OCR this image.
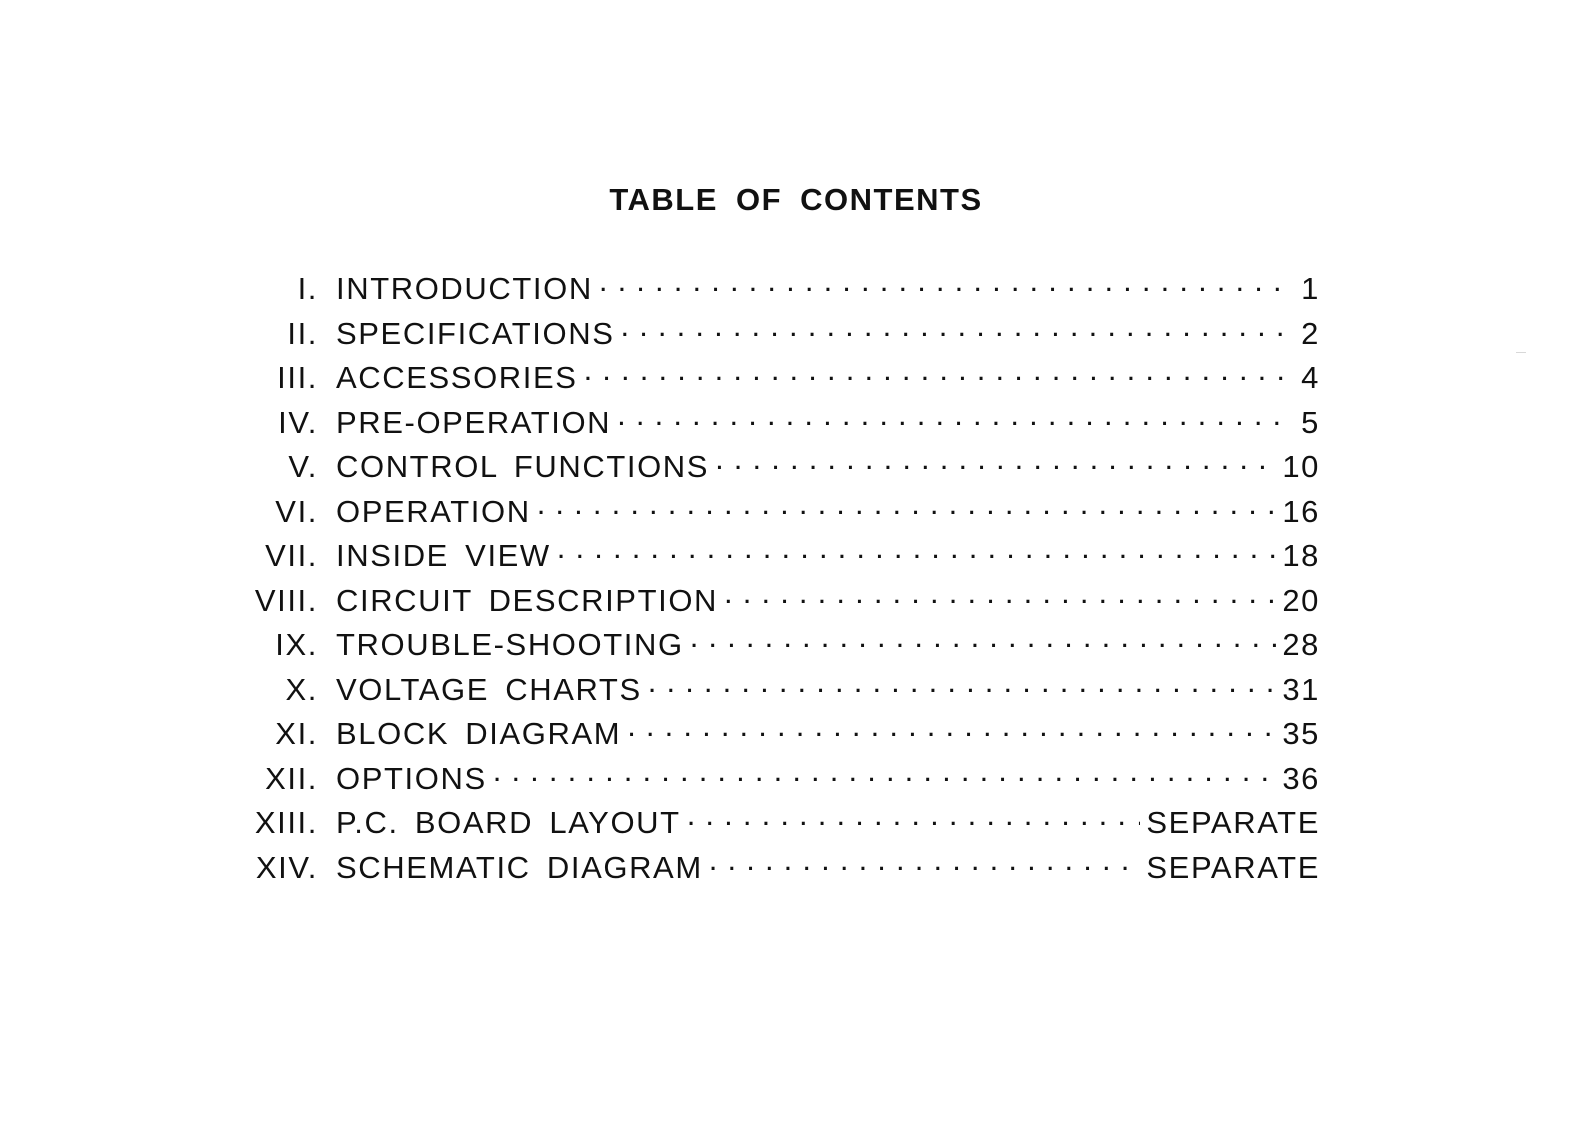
TABLE OF CONTENTS
I. INTRODUCTION . . .	1
II. SPECIFICATIONS . . .	2
III. ACCESSORIES . . .	4
IV. PRE-OPERATION . . .	5
V. CONTROL FUNCTIONS . . .	10
VI. OPERATION . . .	16
VII. INSIDE VIEW . . .	18
VIII. CIRCUIT DESCRIPTION . . .	20
IX. TROUBLE-SHOOTING . . .	28
X. VOLTAGE CHARTS . . .	31
XI. BLOCK DIAGRAM . . .	35
XII. OPTIONS . . .	36
XIII. P.C. BOARD LAYOUT . . .	SEPARATE
XIV. SCHEMATIC DIAGRAM . . .	SEPARATE
